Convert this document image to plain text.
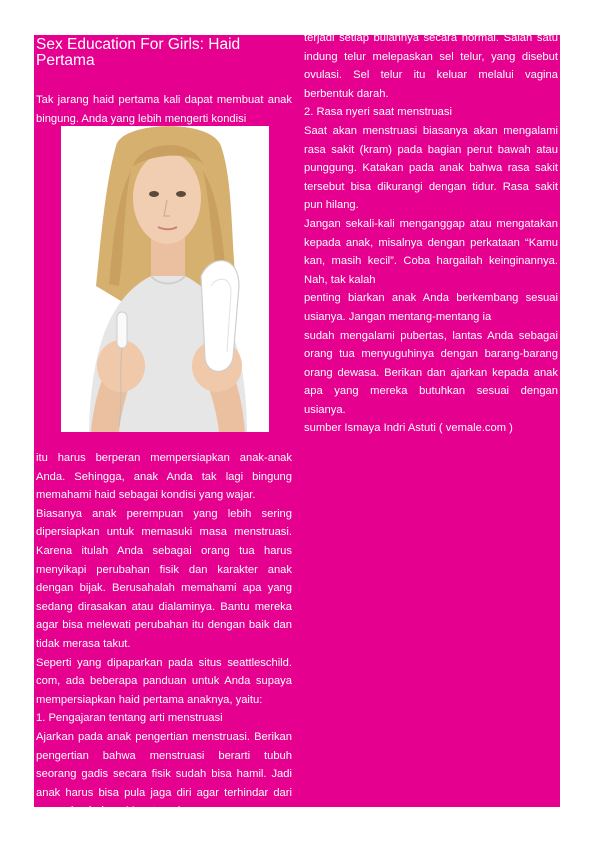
Sex Education For Girls: Haid Pertama

Tak jarang haid pertama kali dapat membuat anak bingung. Anda yang lebih mengerti kondisi

itu harus berperan mempersiapkan anak-anak Anda. Sehingga, anak Anda tak lagi bingung memahami haid sebagai kondisi yang wajar.

Biasanya anak perempuan yang lebih sering dipersiapkan untuk memasuki masa menstruasi. Karena itulah Anda sebagai orang tua harus menyikapi perubahan fisik dan karakter anak dengan bijak. Berusahalah memahami apa yang sedang dirasakan atau dialaminya. Bantu mereka agar bisa melewati perubahan itu dengan baik dan tidak merasa takut.

Seperti yang dipaparkan pada situs seattleschild. com, ada beberapa panduan untuk Anda supaya mempersiapkan haid pertama anaknya, yaitu:

1. Pengajaran tentang arti menstruasi

Ajarkan pada anak pengertian menstruasi. Berikan pengertian bahwa menstruasi berarti tubuh seorang gadis secara fisik sudah bisa hamil. Jadi anak harus bisa pula jaga diri agar terhindar dari pergaulan bebas. Menstruasi

terjadi setiap bulannya secara normal. Salah satu indung telur melepaskan sel telur, yang disebut ovulasi. Sel telur itu keluar melalui vagina berbentuk darah.

2. Rasa nyeri saat menstruasi

Saat akan menstruasi biasanya akan mengalami rasa sakit (kram) pada bagian perut bawah atau punggung. Katakan pada anak bahwa rasa sakit tersebut bisa dikurangi dengan tidur. Rasa sakit pun hilang.

Jangan sekali-kali menganggap atau mengatakan kepada anak, misalnya dengan perkataan “Kamu kan, masih kecil”. Coba hargailah keinginannya. Nah, tak kalah

penting biarkan anak Anda berkembang sesuai usianya. Jangan mentang-mentang ia

sudah mengalami pubertas, lantas Anda sebagai orang tua menyuguhinya dengan barang-barang orang dewasa. Berikan dan ajarkan kepada anak apa yang mereka butuhkan sesuai dengan usianya.

sumber Ismaya Indri Astuti ( vemale.com )
